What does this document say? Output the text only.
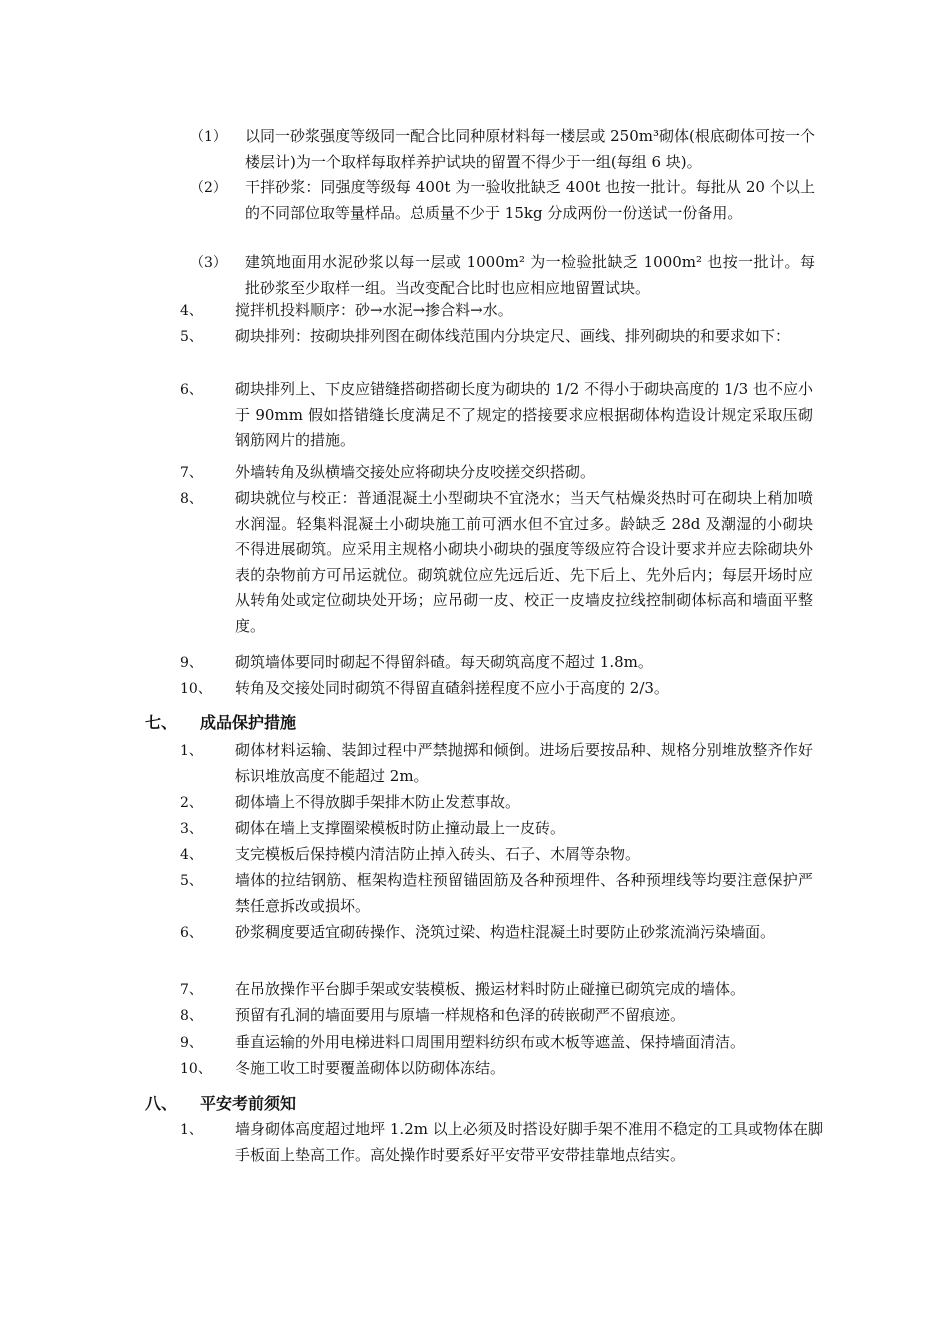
（1） 以同一砂浆强度等级同一配合比同种原材料每一楼层或 250m³砌体(根底砌体可按一个楼层计)为一个取样每取样养护试块的留置不得少于一组(每组 6 块)。
（2） 干拌砂浆：同强度等级每 400t 为一验收批缺乏 400t 也按一批计。每批从 20 个以上的不同部位取等量样品。总质量不少于 15kg 分成两份一份送试一份备用。
（3） 建筑地面用水泥砂浆以每一层或 1000m² 为一检验批缺乏 1000m² 也按一批计。每批砂浆至少取样一组。当改变配合比时也应相应地留置试块。
4、 搅拌机投料顺序：砂→水泥→掺合料→水。
5、 砌块排列：按砌块排列图在砌体线范围内分块定尺、画线、排列砌块的和要求如下：
6、 砌块排列上、下皮应错缝搭砌搭砌长度为砌块的 1/2 不得小于砌块高度的 1/3 也不应小于 90mm 假如搭错缝长度满足不了规定的搭接要求应根据砌体构造设计规定采取压砌钢筋网片的措施。
7、 外墙转角及纵横墙交接处应将砌块分皮咬搓交织搭砌。
8、 砌块就位与校正：普通混凝土小型砌块不宜浇水；当天气枯燥炎热时可在砌块上稍加喷水润湿。轻集料混凝土小砌块施工前可洒水但不宜过多。龄缺乏 28d 及潮湿的小砌块不得进展砌筑。应采用主规格小砌块小砌块的强度等级应符合设计要求并应去除砌块外表的杂物前方可吊运就位。砌筑就位应先远后近、先下后上、先外后内；每层开场时应从转角处或定位砌块处开场；应吊砌一皮、校正一皮墙皮拉线控制砌体标高和墙面平整度。
9、 砌筑墙体要同时砌起不得留斜碴。每天砌筑高度不超过 1.8m。
10、 转角及交接处同时砌筑不得留直碴斜搓程度不应小于高度的 2/3。
七、 成品保护措施
1、 砌体材料运输、装卸过程中严禁抛掷和倾倒。进场后要按品种、规格分别堆放整齐作好标识堆放高度不能超过 2m。
2、 砌体墙上不得放脚手架排木防止发惹事故。
3、 砌体在墙上支撑圈梁模板时防止撞动最上一皮砖。
4、 支完模板后保持模内清洁防止掉入砖头、石子、木屑等杂物。
5、 墙体的拉结钢筋、框架构造柱预留锚固筋及各种预埋件、各种预埋线等均要注意保护严禁任意拆改或损坏。
6、 砂浆稠度要适宜砌砖操作、浇筑过梁、构造柱混凝土时要防止砂浆流淌污染墙面。
7、 在吊放操作平台脚手架或安装模板、搬运材料时防止碰撞已砌筑完成的墙体。
8、 预留有孔洞的墙面要用与原墙一样规格和色泽的砖嵌砌严不留痕迹。
9、 垂直运输的外用电梯进料口周围用塑料纺织布或木板等遮盖、保持墙面清洁。
10、 冬施工收工时要覆盖砌体以防砌体冻结。
八、 平安考前须知
1、 墙身砌体高度超过地坪 1.2m 以上必须及时搭设好脚手架不准用不稳定的工具或物体在脚手板面上垫高工作。高处操作时要系好平安带平安带挂靠地点结实。
